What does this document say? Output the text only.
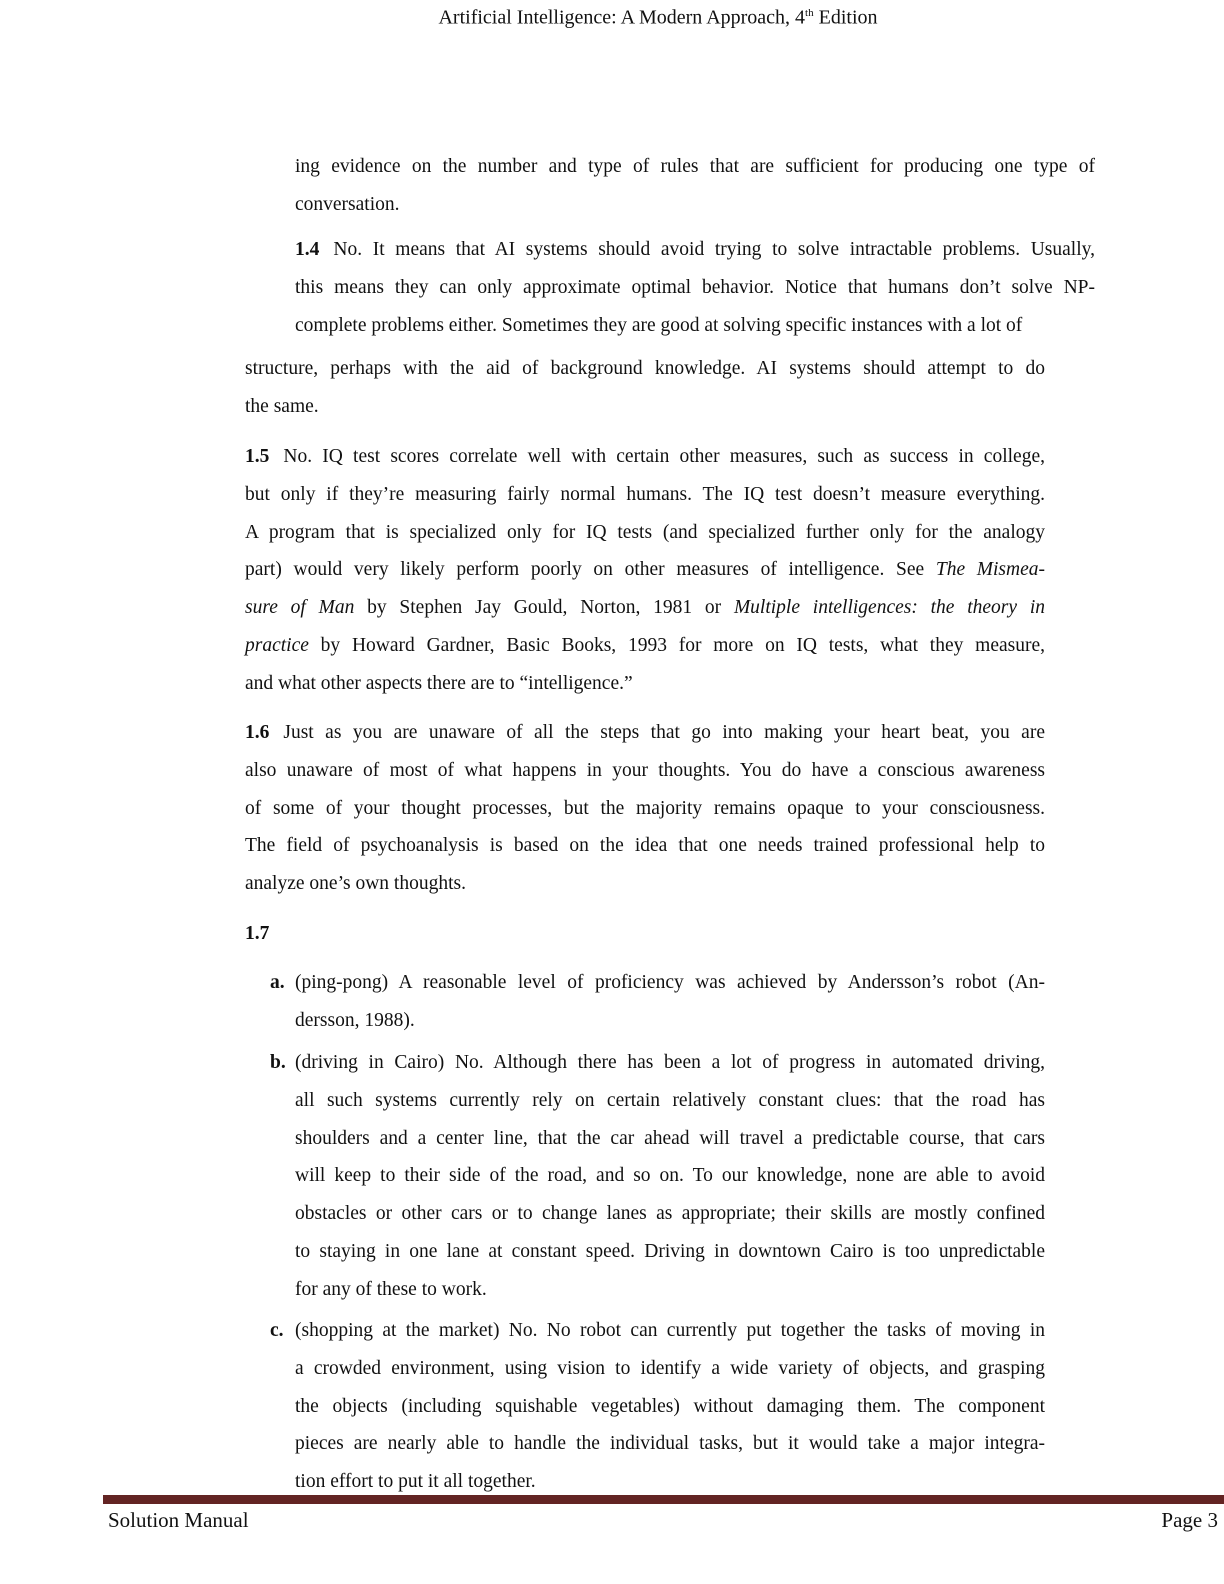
Artificial Intelligence: A Modern Approach, 4th Edition
ing evidence on the number and type of rules that are sufficient for producing one type of
conversation.
1.4 No. It means that AI systems should avoid trying to solve intractable problems. Usually,
this means they can only approximate optimal behavior. Notice that humans don’t solve NP-
complete problems either. Sometimes they are good at solving specific instances with a lot of
structure, perhaps with the aid of background knowledge. AI systems should attempt to do
the same.
1.5 No. IQ test scores correlate well with certain other measures, such as success in college,
but only if they’re measuring fairly normal humans. The IQ test doesn’t measure everything.
A program that is specialized only for IQ tests (and specialized further only for the analogy
part) would very likely perform poorly on other measures of intelligence. See The Mismea-
sure of Man by Stephen Jay Gould, Norton, 1981 or Multiple intelligences: the theory in
practice by Howard Gardner, Basic Books, 1993 for more on IQ tests, what they measure,
and what other aspects there are to “intelligence.”
1.6 Just as you are unaware of all the steps that go into making your heart beat, you are
also unaware of most of what happens in your thoughts. You do have a conscious awareness
of some of your thought processes, but the majority remains opaque to your consciousness.
The field of psychoanalysis is based on the idea that one needs trained professional help to
analyze one’s own thoughts.
1.7
a. (ping-pong) A reasonable level of proficiency was achieved by Andersson’s robot (An-
dersson, 1988).
b. (driving in Cairo) No. Although there has been a lot of progress in automated driving,
all such systems currently rely on certain relatively constant clues: that the road has
shoulders and a center line, that the car ahead will travel a predictable course, that cars
will keep to their side of the road, and so on. To our knowledge, none are able to avoid
obstacles or other cars or to change lanes as appropriate; their skills are mostly confined
to staying in one lane at constant speed. Driving in downtown Cairo is too unpredictable
for any of these to work.
c. (shopping at the market) No. No robot can currently put together the tasks of moving in
a crowded environment, using vision to identify a wide variety of objects, and grasping
the objects (including squishable vegetables) without damaging them. The component
pieces are nearly able to handle the individual tasks, but it would take a major integra-
tion effort to put it all together.
Solution Manual	Page 3
